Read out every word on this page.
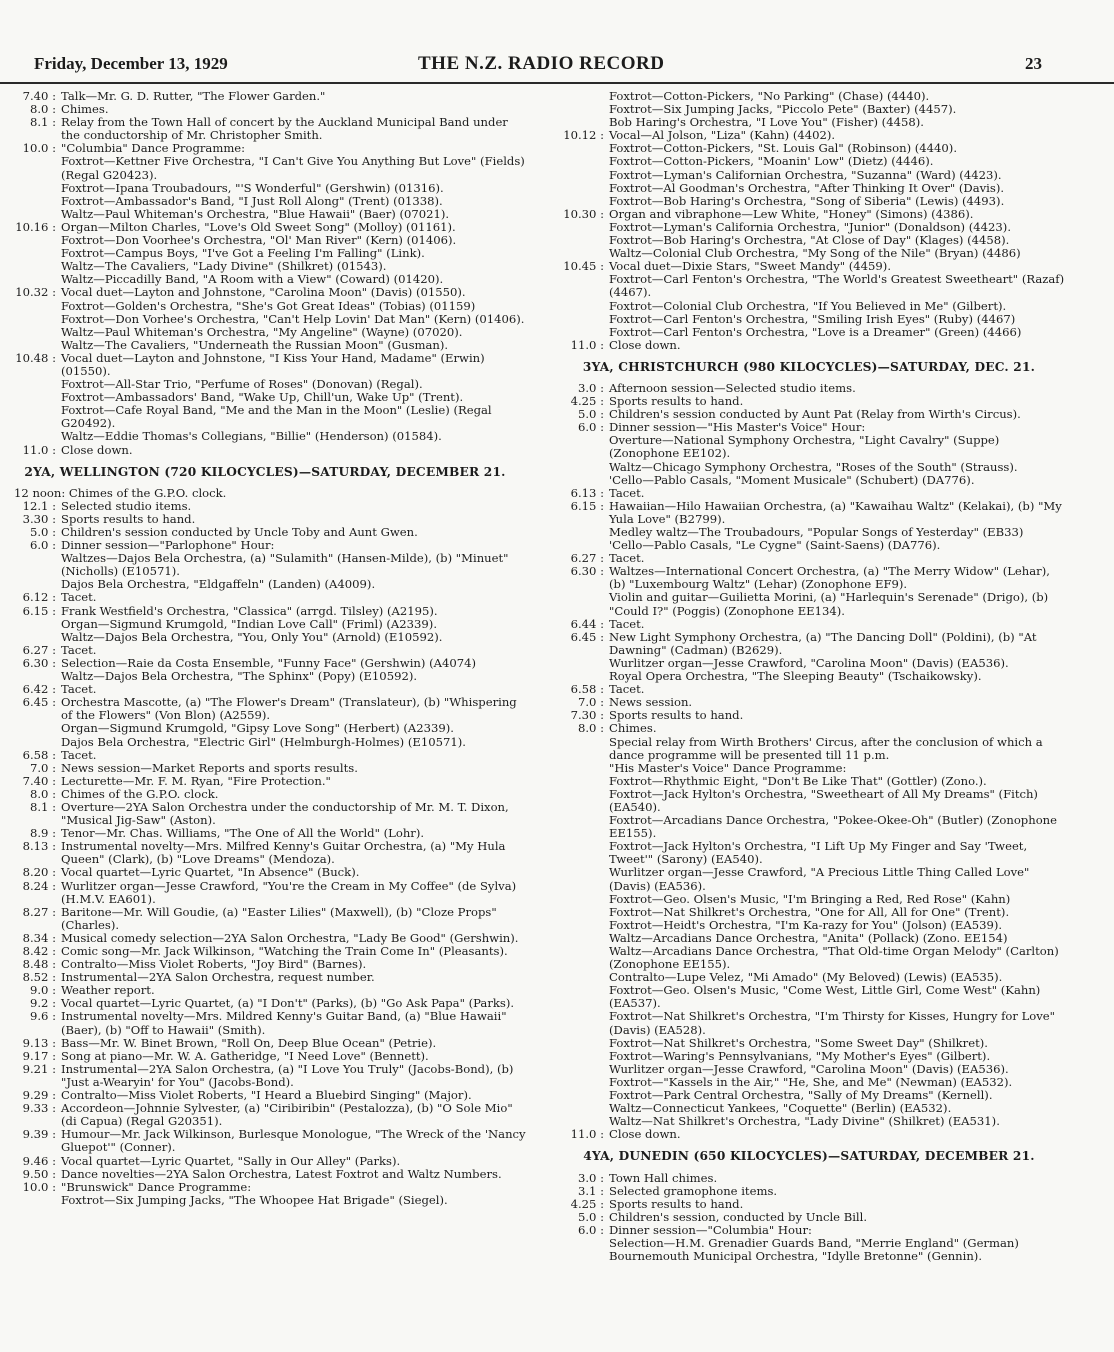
Friday, December 13, 1929	THE N.Z. RADIO RECORD	23
7.40 :	Talk—Mr. G. D. Rutter, "The Flower Garden."
8.0 :	Chimes.
8.1 :	Relay from the Town Hall of concert by the Auckland Municipal Band under the conductorship of Mr. Christopher Smith.
10.0 :	"Columbia" Dance Programme:
Foxtrot—Kettner Five Orchestra, "I Can't Give You Anything But Love" (Fields) (Regal G20423).
Foxtrot—Ipana Troubadours, "'S Wonderful" (Gershwin) (01316).
Foxtrot—Ambassador's Band, "I Just Roll Along" (Trent) (01338).
Waltz—Paul Whiteman's Orchestra, "Blue Hawaii" (Baer) (07021).
10.16 :	Organ—Milton Charles, "Love's Old Sweet Song" (Molloy) (01161).
Foxtrot—Don Voorhee's Orchestra, "Ol' Man River" (Kern) (01406).
Foxtrot—Campus Boys, "I've Got a Feeling I'm Falling" (Link).
Waltz—The Cavaliers, "Lady Divine" (Shilkret) (01543).
Waltz—Piccadilly Band, "A Room with a View" (Coward) (01420).
10.32 :	Vocal duet—Layton and Johnstone, "Carolina Moon" (Davis) (01550).
Foxtrot—Golden's Orchestra, "She's Got Great Ideas" (Tobias) (01159)
Foxtrot—Don Vorhee's Orchestra, "Can't Help Lovin' Dat Man" (Kern) (01406).
Waltz—Paul Whiteman's Orchestra, "My Angeline" (Wayne) (07020).
Waltz—The Cavaliers, "Underneath the Russian Moon" (Gusman).
10.48 :	Vocal duet—Layton and Johnstone, "I Kiss Your Hand, Madame" (Erwin) (01550).
Foxtrot—All-Star Trio, "Perfume of Roses" (Donovan) (Regal).
Foxtrot—Ambassadors' Band, "Wake Up, Chill'un, Wake Up" (Trent).
Foxtrot—Cafe Royal Band, "Me and the Man in the Moon" (Leslie) (Regal G20492).
Waltz—Eddie Thomas's Collegians, "Billie" (Henderson) (01584).
11.0 :	Close down.
2YA, WELLINGTON (720 KILOCYCLES)—SATURDAY, DECEMBER 21.
12 noon: Chimes of the G.P.O. clock.
12.1 :	Selected studio items.
3.30 :	Sports results to hand.
5.0 :	Children's session conducted by Uncle Toby and Aunt Gwen.
6.0 :	Dinner session—"Parlophone" Hour:
Waltzes—Dajos Bela Orchestra, (a) "Sulamith" (Hansen-Milde), (b) "Minuet" (Nicholls) (E10571).
Dajos Bela Orchestra, "Eldgaffeln" (Landen) (A4009).
6.12 :	Tacet.
6.15 :	Frank Westfield's Orchestra, "Classica" (arrgd. Tilsley) (A2195).
Organ—Sigmund Krumgold, "Indian Love Call" (Friml) (A2339).
Waltz—Dajos Bela Orchestra, "You, Only You" (Arnold) (E10592).
6.27 :	Tacet.
6.30 :	Selection—Raie da Costa Ensemble, "Funny Face" (Gershwin) (A4074)
Waltz—Dajos Bela Orchestra, "The Sphinx" (Popy) (E10592).
6.42 :	Tacet.
6.45 :	Orchestra Mascotte, (a) "The Flower's Dream" (Translateur), (b) "Whispering of the Flowers" (Von Blon) (A2559).
Organ—Sigmund Krumgold, "Gipsy Love Song" (Herbert) (A2339).
Dajos Bela Orchestra, "Electric Girl" (Helmburgh-Holmes) (E10571).
6.58 :	Tacet.
7.0 :	News session—Market Reports and sports results.
7.40 :	Lecturette—Mr. F. M. Ryan, "Fire Protection."
8.0 :	Chimes of the G.P.O. clock.
8.1 :	Overture—2YA Salon Orchestra under the conductorship of Mr. M. T. Dixon, "Musical Jig-Saw" (Aston).
8.9 :	Tenor—Mr. Chas. Williams, "The One of All the World" (Lohr).
8.13 :	Instrumental novelty—Mrs. Milfred Kenny's Guitar Orchestra, (a) "My Hula Queen" (Clark), (b) "Love Dreams" (Mendoza).
8.20 :	Vocal quartet—Lyric Quartet, "In Absence" (Buck).
8.24 :	Wurlitzer organ—Jesse Crawford, "You're the Cream in My Coffee" (de Sylva) (H.M.V. EA601).
8.27 :	Baritone—Mr. Will Goudie, (a) "Easter Lilies" (Maxwell), (b) "Cloze Props" (Charles).
8.34 :	Musical comedy selection—2YA Salon Orchestra, "Lady Be Good" (Gershwin).
8.42 :	Comic song—Mr. Jack Wilkinson, "Watching the Train Come In" (Pleasants).
8.48 :	Contralto—Miss Violet Roberts, "Joy Bird" (Barnes).
8.52 :	Instrumental—2YA Salon Orchestra, request number.
9.0 :	Weather report.
9.2 :	Vocal quartet—Lyric Quartet, (a) "I Don't" (Parks), (b) "Go Ask Papa" (Parks).
9.6 :	Instrumental novelty—Mrs. Mildred Kenny's Guitar Band, (a) "Blue Hawaii" (Baer), (b) "Off to Hawaii" (Smith).
9.13 :	Bass—Mr. W. Binet Brown, "Roll On, Deep Blue Ocean" (Petrie).
9.17 :	Song at piano—Mr. W. A. Gatheridge, "I Need Love" (Bennett).
9.21 :	Instrumental—2YA Salon Orchestra, (a) "I Love You Truly" (Jacobs-Bond), (b) "Just a-Wearyin' for You" (Jacobs-Bond).
9.29 :	Contralto—Miss Violet Roberts, "I Heard a Bluebird Singing" (Major).
9.33 :	Accordeon—Johnnie Sylvester, (a) "Ciribiribin" (Pestalozza), (b) "O Sole Mio" (di Capua) (Regal G20351).
9.39 :	Humour—Mr. Jack Wilkinson, Burlesque Monologue, "The Wreck of the 'Nancy Gluepot'" (Conner).
9.46 :	Vocal quartet—Lyric Quartet, "Sally in Our Alley" (Parks).
9.50 :	Dance novelties—2YA Salon Orchestra, Latest Foxtrot and Waltz Numbers.
10.0 :	"Brunswick" Dance Programme:
Foxtrot—Six Jumping Jacks, "The Whoopee Hat Brigade" (Siegel).
Foxtrot—Cotton-Pickers, "No Parking" (Chase) (4440).
Foxtrot—Six Jumping Jacks, "Piccolo Pete" (Baxter) (4457).
Bob Haring's Orchestra, "I Love You" (Fisher) (4458).
10.12 :	Vocal—Al Jolson, "Liza" (Kahn) (4402).
Foxtrot—Cotton-Pickers, "St. Louis Gal" (Robinson) (4440).
Foxtrot—Cotton-Pickers, "Moanin' Low" (Dietz) (4446).
Foxtrot—Lyman's Californian Orchestra, "Suzanna" (Ward) (4423).
Foxtrot—Al Goodman's Orchestra, "After Thinking It Over" (Davis).
Foxtrot—Bob Haring's Orchestra, "Song of Siberia" (Lewis) (4493).
10.30 :	Organ and vibraphone—Lew White, "Honey" (Simons) (4386).
Foxtrot—Lyman's California Orchestra, "Junior" (Donaldson) (4423).
Foxtrot—Bob Haring's Orchestra, "At Close of Day" (Klages) (4458).
Waltz—Colonial Club Orchestra, "My Song of the Nile" (Bryan) (4486)
10.45 :	Vocal duet—Dixie Stars, "Sweet Mandy" (4459).
Foxtrot—Carl Fenton's Orchestra, "The World's Greatest Sweetheart" (Razaf) (4467).
Foxtrot—Colonial Club Orchestra, "If You Believed in Me" (Gilbert).
Foxtrot—Carl Fenton's Orchestra, "Smiling Irish Eyes" (Ruby) (4467)
Foxtrot—Carl Fenton's Orchestra, "Love is a Dreamer" (Green) (4466)
11.0 :	Close down.
3YA, CHRISTCHURCH (980 KILOCYCLES)—SATURDAY, DEC. 21.
3.0 :	Afternoon session—Selected studio items.
4.25 :	Sports results to hand.
5.0 :	Children's session conducted by Aunt Pat (Relay from Wirth's Circus).
6.0 :	Dinner session—"His Master's Voice" Hour:
Overture—National Symphony Orchestra, "Light Cavalry" (Suppe) (Zonophone EE102).
Waltz—Chicago Symphony Orchestra, "Roses of the South" (Strauss).
'Cello—Pablo Casals, "Moment Musicale" (Schubert) (DA776).
6.13 :	Tacet.
6.15 :	Hawaiian—Hilo Hawaiian Orchestra, (a) "Kawaihau Waltz" (Kelakai), (b) "My Yula Love" (B2799).
Medley waltz—The Troubadours, "Popular Songs of Yesterday" (EB33)
'Cello—Pablo Casals, "Le Cygne" (Saint-Saens) (DA776).
6.27 :	Tacet.
6.30 :	Waltzes—International Concert Orchestra, (a) "The Merry Widow" (Lehar), (b) "Luxembourg Waltz" (Lehar) (Zonophone EF9).
Violin and guitar—Guilietta Morini, (a) "Harlequin's Serenade" (Drigo), (b) "Could I?" (Poggis) (Zonophone EE134).
6.44 :	Tacet.
6.45 :	New Light Symphony Orchestra, (a) "The Dancing Doll" (Poldini), (b) "At Dawning" (Cadman) (B2629).
Wurlitzer organ—Jesse Crawford, "Carolina Moon" (Davis) (EA536).
Royal Opera Orchestra, "The Sleeping Beauty" (Tschaikowsky).
6.58 :	Tacet.
7.0 :	News session.
7.30 :	Sports results to hand.
8.0 :	Chimes.
Special relay from Wirth Brothers' Circus, after the conclusion of which a dance programme will be presented till 11 p.m.
"His Master's Voice" Dance Programme:
Foxtrot—Rhythmic Eight, "Don't Be Like That" (Gottler) (Zono.).
Foxtrot—Jack Hylton's Orchestra, "Sweetheart of All My Dreams" (Fitch) (EA540).
Foxtrot—Arcadians Dance Orchestra, "Pokee-Okee-Oh" (Butler) (Zonophone EE155).
Foxtrot—Jack Hylton's Orchestra, "I Lift Up My Finger and Say 'Tweet, Tweet'" (Sarony) (EA540).
Wurlitzer organ—Jesse Crawford, "A Precious Little Thing Called Love" (Davis) (EA536).
Foxtrot—Geo. Olsen's Music, "I'm Bringing a Red, Red Rose" (Kahn)
Foxtrot—Nat Shilkret's Orchestra, "One for All, All for One" (Trent).
Foxtrot—Heidt's Orchestra, "I'm Ka-razy for You" (Jolson) (EA539).
Waltz—Arcadians Dance Orchestra, "Anita" (Pollack) (Zono. EE154)
Waltz—Arcadians Dance Orchestra, "That Old-time Organ Melody" (Carlton) (Zonophone EE155).
Contralto—Lupe Velez, "Mi Amado" (My Beloved) (Lewis) (EA535).
Foxtrot—Geo. Olsen's Music, "Come West, Little Girl, Come West" (Kahn) (EA537).
Foxtrot—Nat Shilkret's Orchestra, "I'm Thirsty for Kisses, Hungry for Love" (Davis) (EA528).
Foxtrot—Nat Shilkret's Orchestra, "Some Sweet Day" (Shilkret).
Foxtrot—Waring's Pennsylvanians, "My Mother's Eyes" (Gilbert).
Wurlitzer organ—Jesse Crawford, "Carolina Moon" (Davis) (EA536).
Foxtrot—"Kassels in the Air," "He, She, and Me" (Newman) (EA532).
Foxtrot—Park Central Orchestra, "Sally of My Dreams" (Kernell).
Waltz—Connecticut Yankees, "Coquette" (Berlin) (EA532).
Waltz—Nat Shilkret's Orchestra, "Lady Divine" (Shilkret) (EA531).
11.0 :	Close down.
4YA, DUNEDIN (650 KILOCYCLES)—SATURDAY, DECEMBER 21.
3.0 :	Town Hall chimes.
3.1 :	Selected gramophone items.
4.25 :	Sports results to hand.
5.0 :	Children's session, conducted by Uncle Bill.
6.0 :	Dinner session—"Columbia" Hour:
Selection—H.M. Grenadier Guards Band, "Merrie England" (German)
Bournemouth Municipal Orchestra, "Idylle Bretonne" (Gennin).
